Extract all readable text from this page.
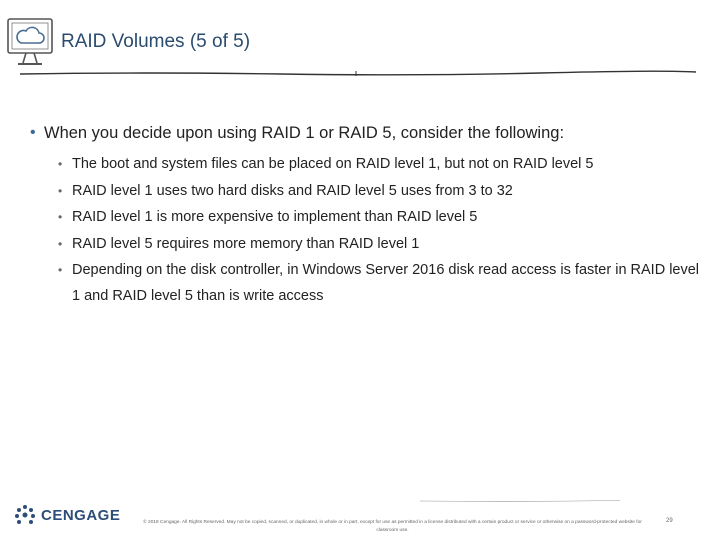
RAID Volumes (5 of 5)
• When you decide upon using RAID 1 or RAID 5, consider the following:
• The boot and system files can be placed on RAID level 1, but not on RAID level 5
• RAID level 1 uses two hard disks and RAID level 5 uses from 3 to 32
• RAID level 1 is more expensive to implement than RAID level 5
• RAID level 5 requires more memory than RAID level 1
• Depending on the disk controller, in Windows Server 2016 disk read access is faster in RAID level 1 and RAID level 5 than is write access
CENGAGE	© 2018 Cengage. All Rights Reserved. May not be copied, scanned, or duplicated, in whole or in part, except for use as permitted in a license distributed with a certain product or service or otherwise on a password-protected website for classroom use.
29
